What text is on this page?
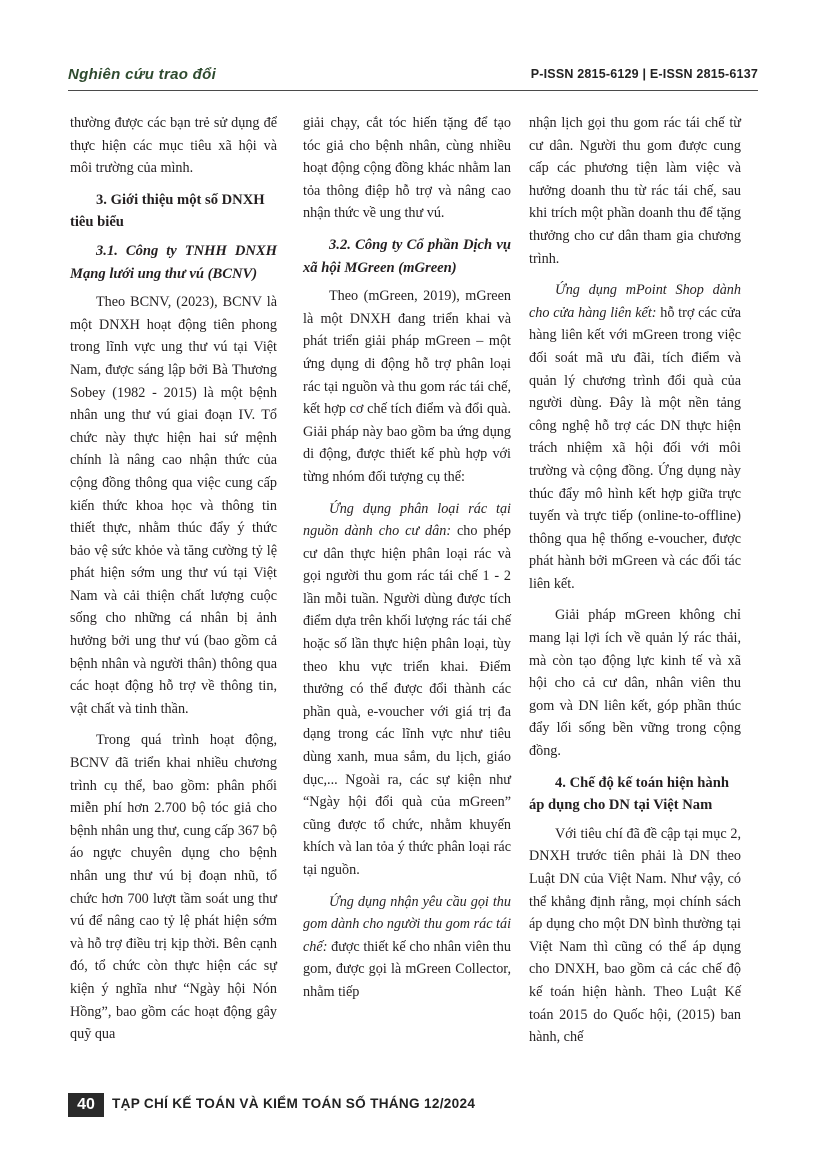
Nghiên cứu trao đổi	P-ISSN 2815-6129 | E-ISSN 2815-6137

thường được các bạn trẻ sử dụng để thực hiện các mục tiêu xã hội và môi trường của mình.

3. Giới thiệu một số DNXH tiêu biểu
3.1. Công ty TNHH DNXH Mạng lưới ung thư vú (BCNV)

Theo BCNV, (2023), BCNV là một DNXH hoạt động tiên phong trong lĩnh vực ung thư vú tại Việt Nam, được sáng lập bởi Bà Thương Sobey (1982 - 2015) là một bệnh nhân ung thư vú giai đoạn IV. Tổ chức này thực hiện hai sứ mệnh chính là nâng cao nhận thức của cộng đồng thông qua việc cung cấp kiến thức khoa học và thông tin thiết thực, nhằm thúc đẩy ý thức bảo vệ sức khỏe và tăng cường tỷ lệ phát hiện sớm ung thư vú tại Việt Nam và cải thiện chất lượng cuộc sống cho những cá nhân bị ảnh hưởng bởi ung thư vú (bao gồm cả bệnh nhân và người thân) thông qua các hoạt động hỗ trợ về thông tin, vật chất và tinh thần.

Trong quá trình hoạt động, BCNV đã triển khai nhiều chương trình cụ thể, bao gồm: phân phối miễn phí hơn 2.700 bộ tóc giả cho bệnh nhân ung thư, cung cấp 367 bộ áo ngực chuyên dụng cho bệnh nhân ung thư vú bị đoạn nhũ, tổ chức hơn 700 lượt tầm soát ung thư vú để nâng cao tỷ lệ phát hiện sớm và hỗ trợ điều trị kịp thời. Bên cạnh đó, tổ chức còn thực hiện các sự kiện ý nghĩa như “Ngày hội Nón Hồng”, bao gồm các hoạt động gây quỹ qua

giải chạy, cắt tóc hiến tặng để tạo tóc giả cho bệnh nhân, cùng nhiều hoạt động cộng đồng khác nhằm lan tỏa thông điệp hỗ trợ và nâng cao nhận thức về ung thư vú.

3.2. Công ty Cổ phần Dịch vụ xã hội MGreen (mGreen)

Theo (mGreen, 2019), mGreen là một DNXH đang triển khai và phát triển giải pháp mGreen – một ứng dụng di động hỗ trợ phân loại rác tại nguồn và thu gom rác tái chế, kết hợp cơ chế tích điểm và đổi quà. Giải pháp này bao gồm ba ứng dụng di động, được thiết kế phù hợp với từng nhóm đối tượng cụ thể:

Ứng dụng phân loại rác tại nguồn dành cho cư dân: cho phép cư dân thực hiện phân loại rác và gọi người thu gom rác tái chế 1 - 2 lần mỗi tuần. Người dùng được tích điểm dựa trên khối lượng rác tái chế hoặc số lần thực hiện phân loại, tùy theo khu vực triển khai. Điểm thưởng có thể được đổi thành các phần quà, e-voucher với giá trị đa dạng trong các lĩnh vực như tiêu dùng xanh, mua sắm, du lịch, giáo dục,... Ngoài ra, các sự kiện như “Ngày hội đổi quà của mGreen” cũng được tổ chức, nhằm khuyến khích và lan tỏa ý thức phân loại rác tại nguồn.

Ứng dụng nhận yêu cầu gọi thu gom dành cho người thu gom rác tái chế: được thiết kế cho nhân viên thu gom, được gọi là mGreen Collector, nhằm tiếp

nhận lịch gọi thu gom rác tái chế từ cư dân. Người thu gom được cung cấp các phương tiện làm việc và hưởng doanh thu từ rác tái chế, sau khi trích một phần doanh thu để tặng thưởng cho cư dân tham gia chương trình.

Ứng dụng mPoint Shop dành cho cửa hàng liên kết: hỗ trợ các cửa hàng liên kết với mGreen trong việc đối soát mã ưu đãi, tích điểm và quản lý chương trình đổi quà của người dùng. Đây là một nền tảng công nghệ hỗ trợ các DN thực hiện trách nhiệm xã hội đối với môi trường và cộng đồng. Ứng dụng này thúc đẩy mô hình kết hợp giữa trực tuyến và trực tiếp (online-to-offline) thông qua hệ thống e-voucher, được phát hành bởi mGreen và các đối tác liên kết.

Giải pháp mGreen không chỉ mang lại lợi ích về quản lý rác thải, mà còn tạo động lực kinh tế và xã hội cho cả cư dân, nhân viên thu gom và DN liên kết, góp phần thúc đẩy lối sống bền vững trong cộng đồng.

4. Chế độ kế toán hiện hành áp dụng cho DN tại Việt Nam

Với tiêu chí đã đề cập tại mục 2, DNXH trước tiên phải là DN theo Luật DN của Việt Nam. Như vậy, có thể khẳng định rằng, mọi chính sách áp dụng cho một DN bình thường tại Việt Nam thì cũng có thể áp dụng cho DNXH, bao gồm cả các chế độ kế toán hiện hành. Theo Luật Kế toán 2015 do Quốc hội, (2015) ban hành, chế

40	TẠP CHÍ KẾ TOÁN VÀ KIỂM TOÁN SỐ THÁNG 12/2024
